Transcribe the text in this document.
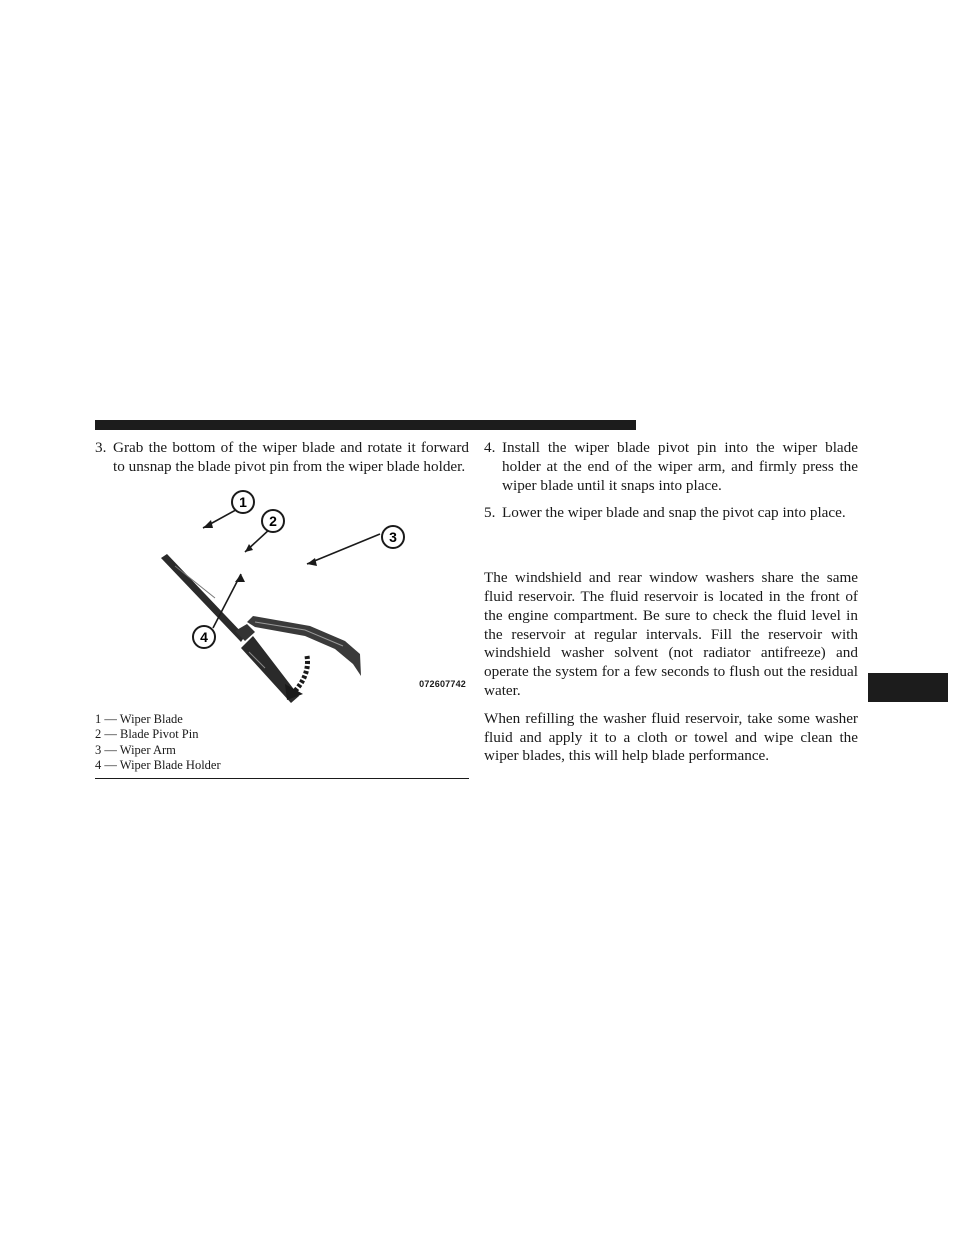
3. Grab the bottom of the wiper blade and rotate it forward to unsnap the blade pivot pin from the wiper blade holder.
1
2
3
4
072607742
1 — Wiper Blade
2 — Blade Pivot Pin
3 — Wiper Arm
4 — Wiper Blade Holder
4. Install the wiper blade pivot pin into the wiper blade holder at the end of the wiper arm, and firmly press the wiper blade until it snaps into place.
5. Lower the wiper blade and snap the pivot cap into place.

The windshield and rear window washers share the same fluid reservoir. The fluid reservoir is located in the front of the engine compartment. Be sure to check the fluid level in the reservoir at regular intervals. Fill the reservoir with windshield washer solvent (not radiator antifreeze) and operate the system for a few seconds to flush out the residual water.

When refilling the washer fluid reservoir, take some washer fluid and apply it to a cloth or towel and wipe clean the wiper blades, this will help blade performance.
